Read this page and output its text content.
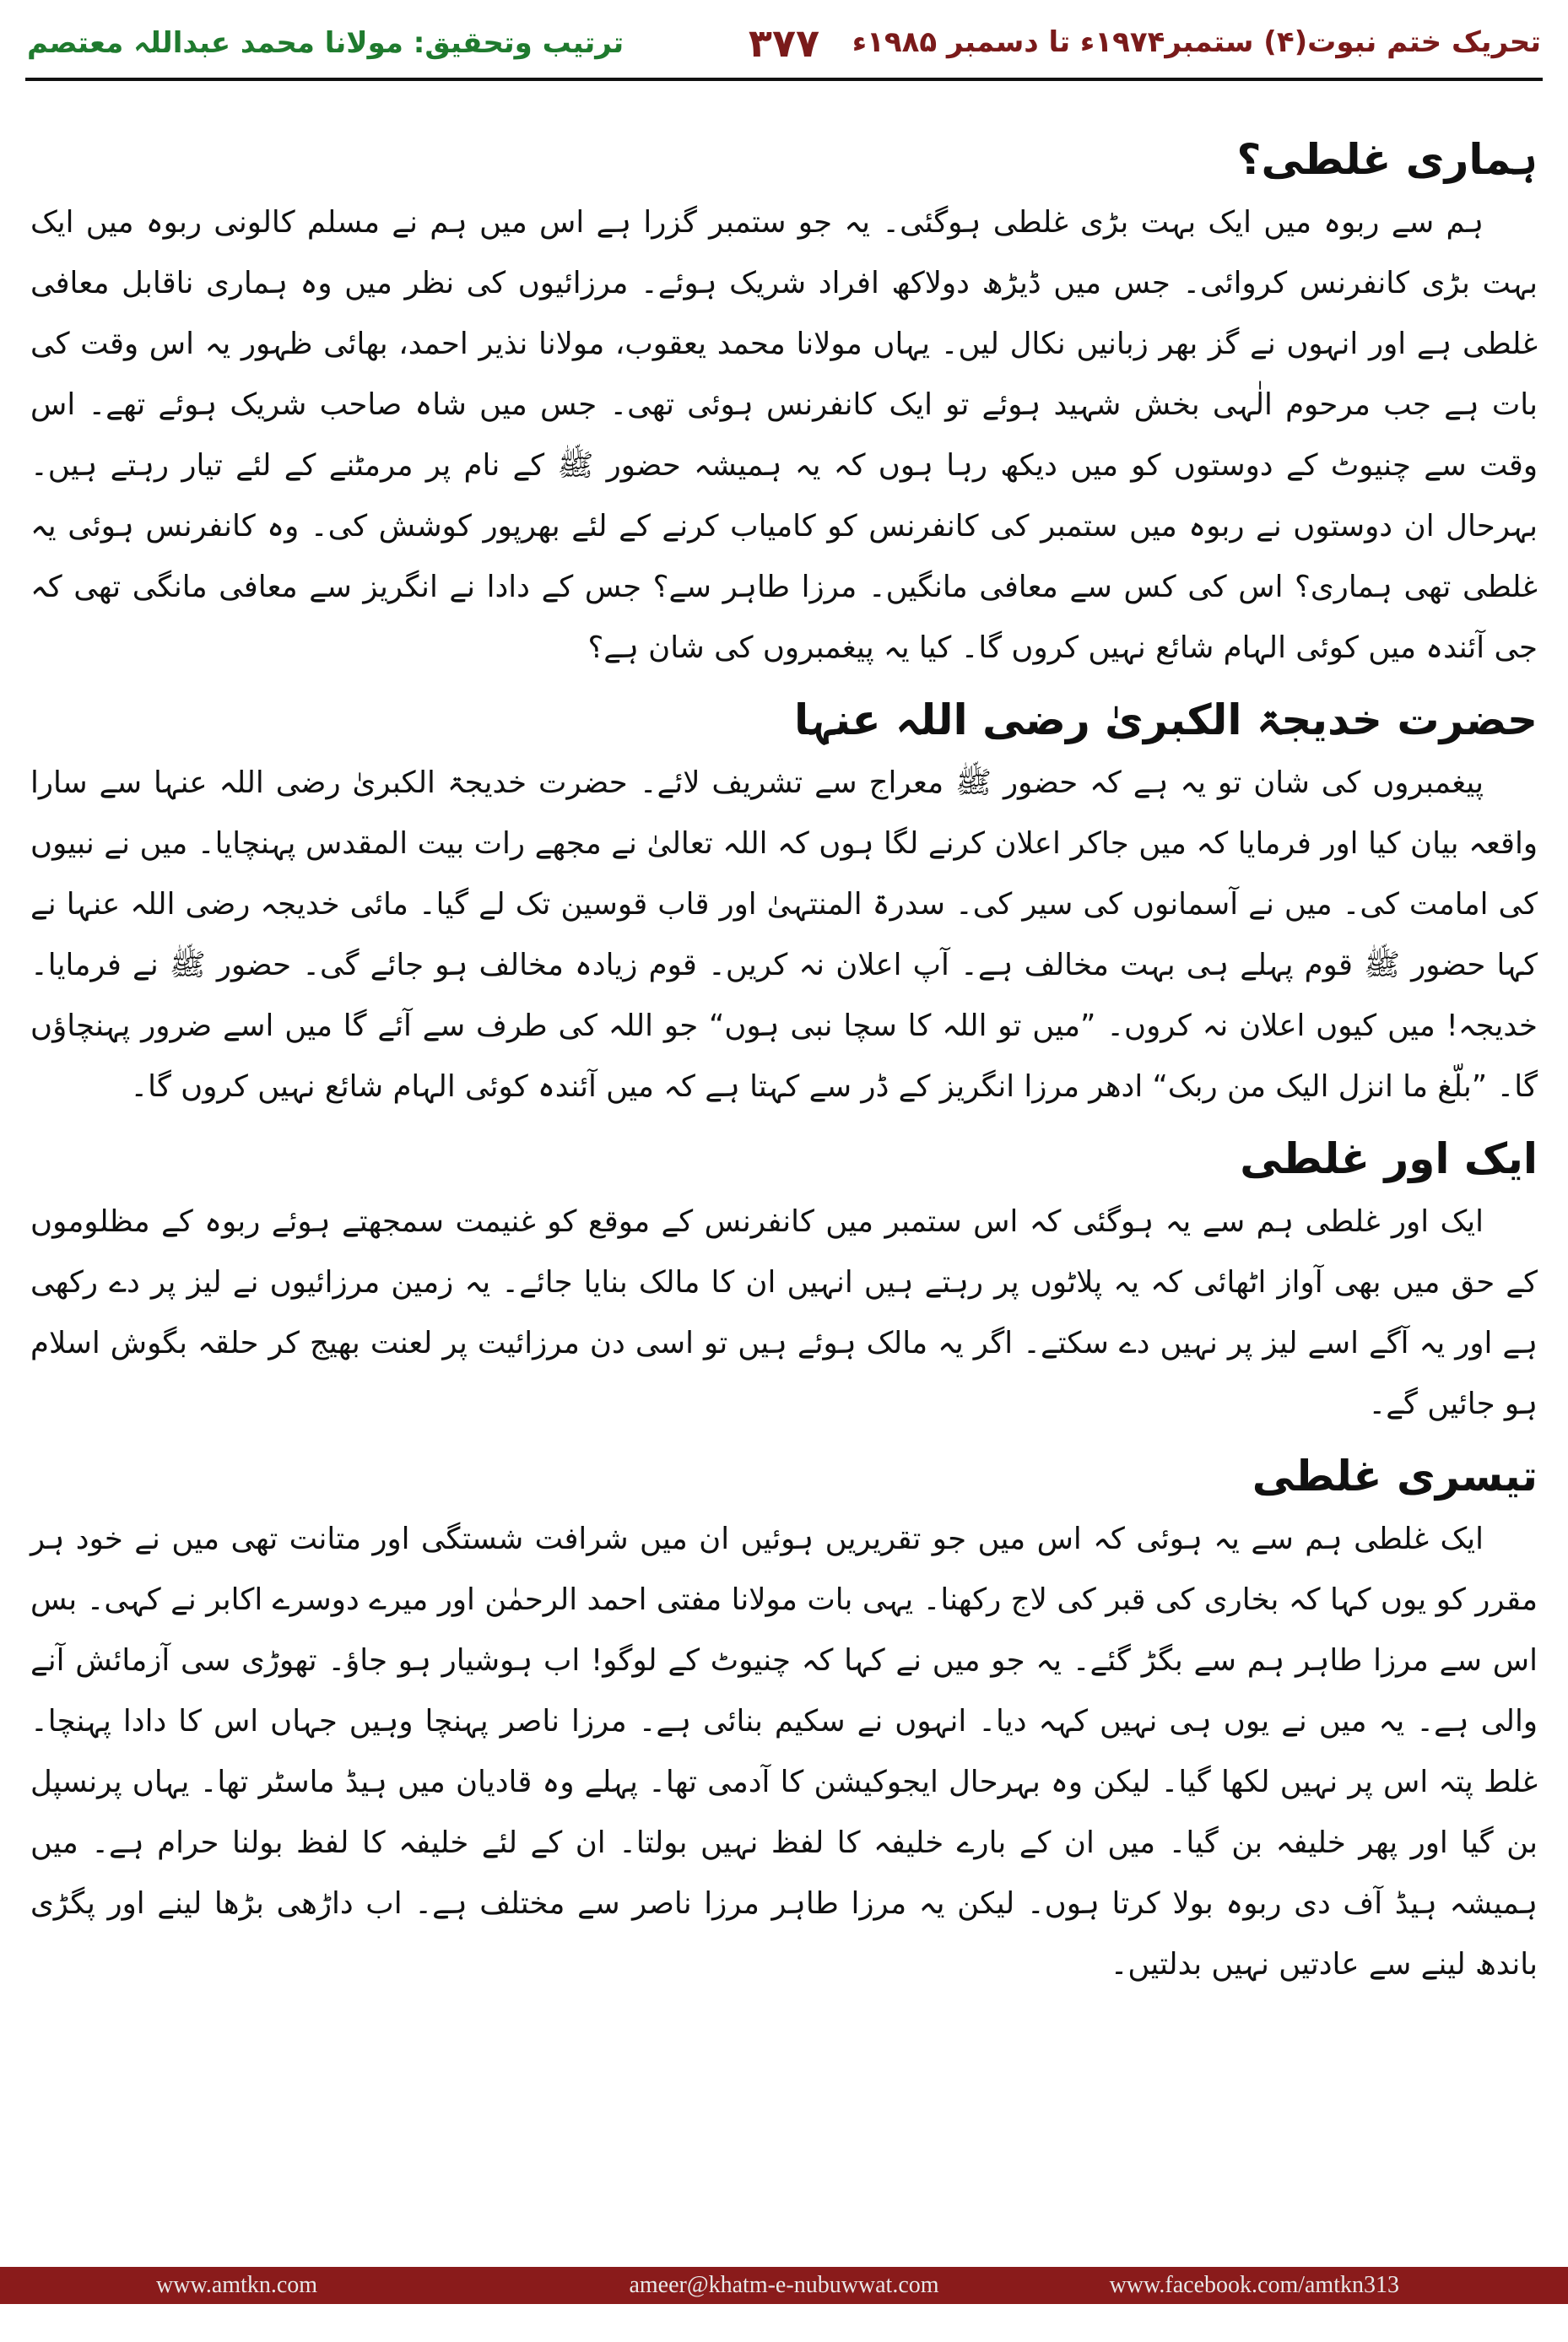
تحریک ختم نبوت(۴) ستمبر۱۹۷۴ء تا دسمبر ۱۹۸۵ء
۳۷۷
ترتیب وتحقیق: مولانا محمد عبداللہ معتصم
ہماری غلطی؟

ہم سے ربوہ میں ایک بہت بڑی غلطی ہوگئی۔ یہ جو ستمبر گزرا ہے اس میں ہم نے مسلم کالونی ربوہ میں ایک بہت بڑی کانفرنس کروائی۔ جس میں ڈیڑھ دولاکھ افراد شریک ہوئے۔ مرزائیوں کی نظر میں وہ ہماری ناقابل معافی غلطی ہے اور انہوں نے گز بھر زبانیں نکال لیں۔ یہاں مولانا محمد یعقوب، مولانا نذیر احمد، بھائی ظہور یہ اس وقت کی بات ہے جب مرحوم الٰہی بخش شہید ہوئے تو ایک کانفرنس ہوئی تھی۔ جس میں شاہ صاحب شریک ہوئے تھے۔ اس وقت سے چنیوٹ کے دوستوں کو میں دیکھ رہا ہوں کہ یہ ہمیشہ حضور ﷺ کے نام پر مرمٹنے کے لئے تیار رہتے ہیں۔ بہرحال ان دوستوں نے ربوہ میں ستمبر کی کانفرنس کو کامیاب کرنے کے لئے بھرپور کوشش کی۔ وہ کانفرنس ہوئی یہ غلطی تھی ہماری؟ اس کی کس سے معافی مانگیں۔ مرزا طاہر سے؟ جس کے دادا نے انگریز سے معافی مانگی تھی کہ جی آئندہ میں کوئی الہام شائع نہیں کروں گا۔ کیا یہ پیغمبروں کی شان ہے؟

حضرت خدیجۃ الکبریٰ رضی اللہ عنہا

پیغمبروں کی شان تو یہ ہے کہ حضور ﷺ معراج سے تشریف لائے۔ حضرت خدیجۃ الکبریٰ رضی اللہ عنہا سے سارا واقعہ بیان کیا اور فرمایا کہ میں جاکر اعلان کرنے لگا ہوں کہ اللہ تعالیٰ نے مجھے رات بیت المقدس پہنچایا۔ میں نے نبیوں کی امامت کی۔ میں نے آسمانوں کی سیر کی۔ سدرۃ المنتہیٰ اور قاب قوسین تک لے گیا۔ مائی خدیجہ رضی اللہ عنہا نے کہا حضور ﷺ قوم پہلے ہی بہت مخالف ہے۔ آپ اعلان نہ کریں۔ قوم زیادہ مخالف ہو جائے گی۔ حضور ﷺ نے فرمایا۔ خدیجہ! میں کیوں اعلان نہ کروں۔ ”میں تو اللہ کا سچا نبی ہوں“ جو اللہ کی طرف سے آئے گا میں اسے ضرور پہنچاؤں گا۔ ”بلّغ ما انزل الیک من ربک“ ادھر مرزا انگریز کے ڈر سے کہتا ہے کہ میں آئندہ کوئی الہام شائع نہیں کروں گا۔

ایک اور غلطی

ایک اور غلطی ہم سے یہ ہوگئی کہ اس ستمبر میں کانفرنس کے موقع کو غنیمت سمجھتے ہوئے ربوہ کے مظلوموں کے حق میں بھی آواز اٹھائی کہ یہ پلاٹوں پر رہتے ہیں انہیں ان کا مالک بنایا جائے۔ یہ زمین مرزائیوں نے لیز پر دے رکھی ہے اور یہ آگے اسے لیز پر نہیں دے سکتے۔ اگر یہ مالک ہوئے ہیں تو اسی دن مرزائیت پر لعنت بھیج کر حلقہ بگوش اسلام ہو جائیں گے۔

تیسری غلطی

ایک غلطی ہم سے یہ ہوئی کہ اس میں جو تقریریں ہوئیں ان میں شرافت شستگی اور متانت تھی میں نے خود ہر مقرر کو یوں کہا کہ بخاری کی قبر کی لاج رکھنا۔ یہی بات مولانا مفتی احمد الرحمٰن اور میرے دوسرے اکابر نے کہی۔ بس اس سے مرزا طاہر ہم سے بگڑ گئے۔ یہ جو میں نے کہا کہ چنیوٹ کے لوگو! اب ہوشیار ہو جاؤ۔ تھوڑی سی آزمائش آنے والی ہے۔ یہ میں نے یوں ہی نہیں کہہ دیا۔ انہوں نے سکیم بنائی ہے۔ مرزا ناصر پہنچا وہیں جہاں اس کا دادا پہنچا۔ غلط پتہ اس پر نہیں لکھا گیا۔ لیکن وہ بہرحال ایجوکیشن کا آدمی تھا۔ پہلے وہ قادیان میں ہیڈ ماسٹر تھا۔ یہاں پرنسپل بن گیا اور پھر خلیفہ بن گیا۔ میں ان کے بارے خلیفہ کا لفظ نہیں بولتا۔ ان کے لئے خلیفہ کا لفظ بولنا حرام ہے۔ میں ہمیشہ ہیڈ آف دی ربوہ بولا کرتا ہوں۔ لیکن یہ مرزا طاہر مرزا ناصر سے مختلف ہے۔ اب داڑھی بڑھا لینے اور پگڑی باندھ لینے سے عادتیں نہیں بدلتیں۔

www.amtkn.com	ameer@khatm-e-nubuwwat.com	www.facebook.com/amtkn313
